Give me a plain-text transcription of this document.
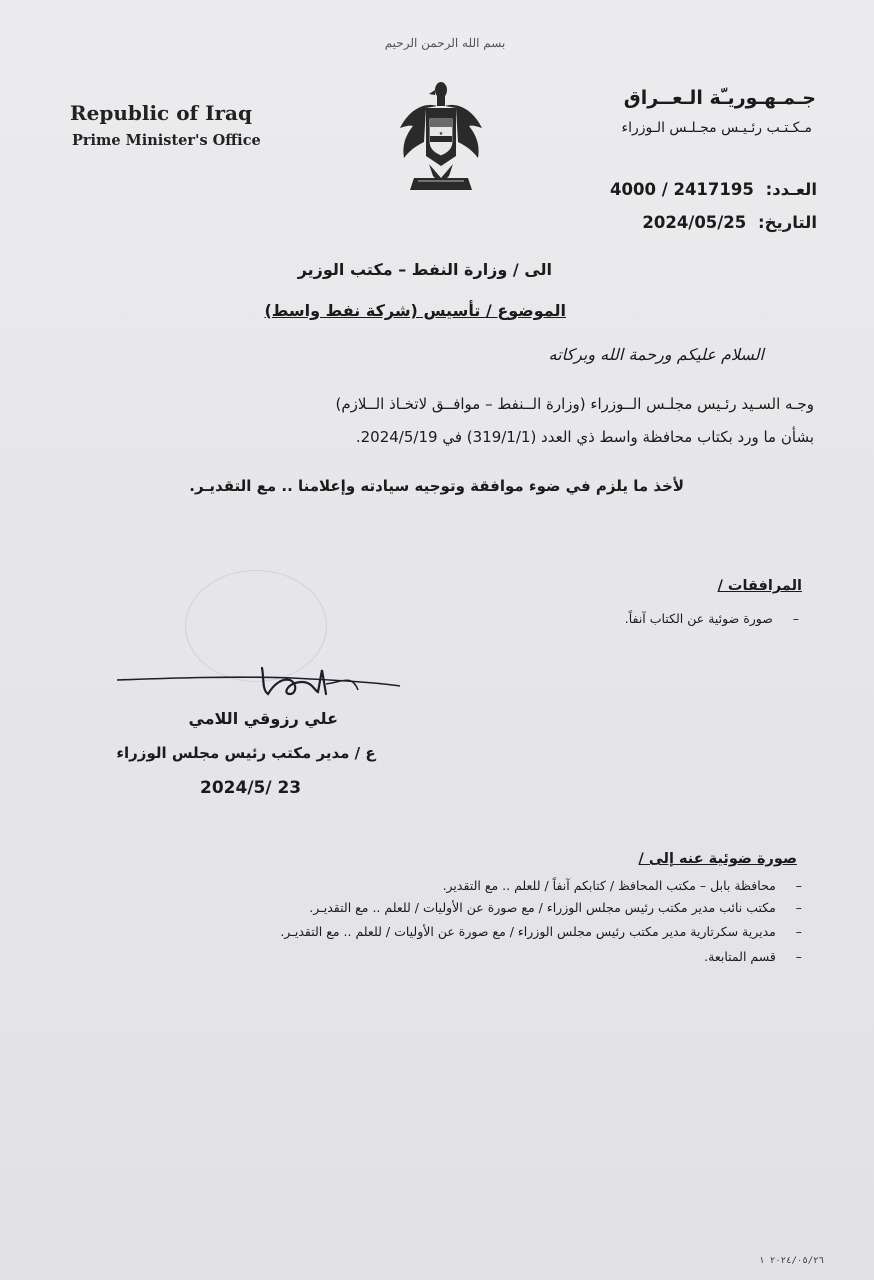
بسم الله الرحمن الرحيم
Republic of Iraq
Prime Minister's Office	★
جـمـهـوريـّة الـعــراق
مـكـتـب رئـيـس مجـلـس الـوزراء
4000 / 2417195 العـدد:
2024/05/25 التاريخ:
الى / وزارة النفط – مكتب الوزير
الموضوع / تأسيس (شركة نفط واسط)
السلام عليكم ورحمة الله وبركاته
وجـه السـيد رئـيس مجلـس الــوزراء (وزارة الــنفط – موافــق لاتخـاذ الــلازم)
بشأن ما ورد بكتاب محافظة واسط ذي العدد (319/1/1) في 2024/5/19.
لأخذ ما يلزم في ضوء موافقة وتوجيه سيادته وإعلامنا .. مع التقديـر.
المرافقات /
–     صورة ضوئية عن الكتاب آنفاً.
علي رزوقي اللامي
ع / مدير مكتب رئيس مجلس الوزراء
2024/5/ 23
صورة ضوئية عنه إلى /
–     محافظة بابل – مكتب المحافظ / كتابكم آنفاً / للعلم .. مع التقدير.
–     مكتب نائب مدير مكتب رئيس مجلس الوزراء / مع صورة عن الأوليات / للعلم .. مع التقديـر.
–     مديرية سكرتارية مدير مكتب رئيس مجلس الوزراء / مع صورة عن الأوليات / للعلم .. مع التقديـر.
–     قسم المتابعة.
٢٠٢٤/٠٥/٢٦ ١
